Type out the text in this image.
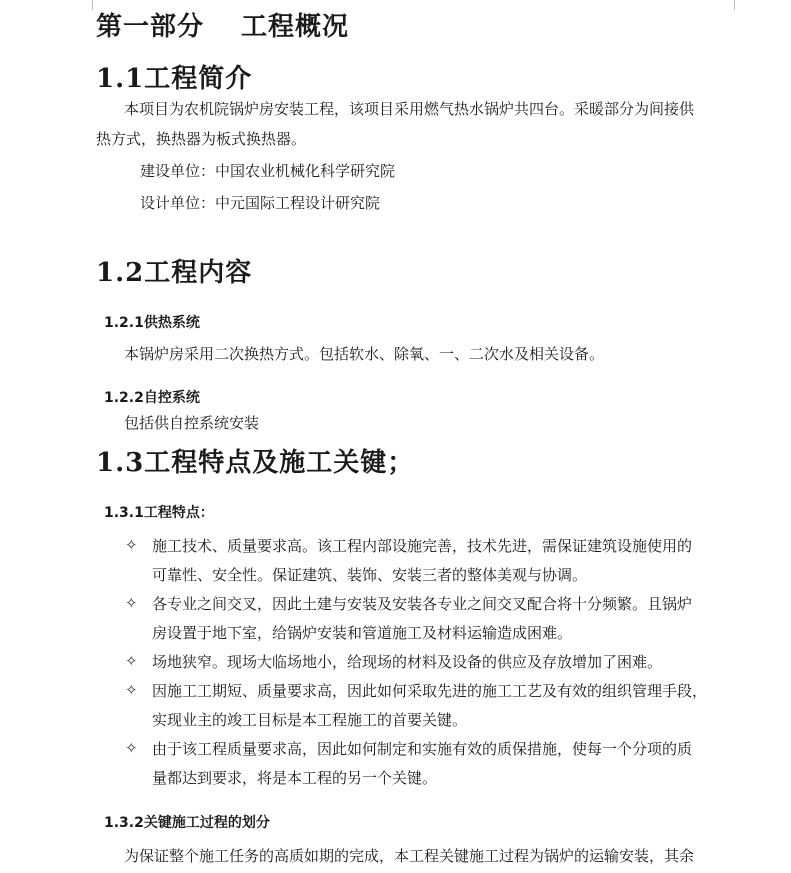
第一部分　 工程概况
1.1工程简介
本项目为农机院锅炉房安装工程，该项目采用燃气热水锅炉共四台。采暖部分为间接供
热方式，换热器为板式换热器。
建设单位：中国农业机械化科学研究院
设计单位：中元国际工程设计研究院
1.2工程内容
1.2.1供热系统
本锅炉房采用二次换热方式。包括软水、除氧、一、二次水及相关设备。
1.2.2自控系统
包括供自控系统安装
1.3工程特点及施工关键；
1.3.1工程特点：
✧ 施工技术、质量要求高。该工程内部设施完善，技术先进，需保证建筑设施使用的
可靠性、安全性。保证建筑、装饰、安装三者的整体美观与协调。
✧ 各专业之间交叉，因此土建与安装及安装各专业之间交叉配合将十分频繁。且锅炉
房设置于地下室，给锅炉安装和管道施工及材料运输造成困难。
✧ 场地狭窄。现场大临场地小，给现场的材料及设备的供应及存放增加了困难。
✧ 因施工工期短、质量要求高，因此如何采取先进的施工工艺及有效的组织管理手段，
实现业主的竣工目标是本工程施工的首要关键。
✧ 由于该工程质量要求高，因此如何制定和实施有效的质保措施，使每一个分项的质
量都达到要求，将是本工程的另一个关键。
1.3.2关键施工过程的划分
为保证整个施工任务的高质如期的完成，本工程关键施工过程为锅炉的运输安装，其余
